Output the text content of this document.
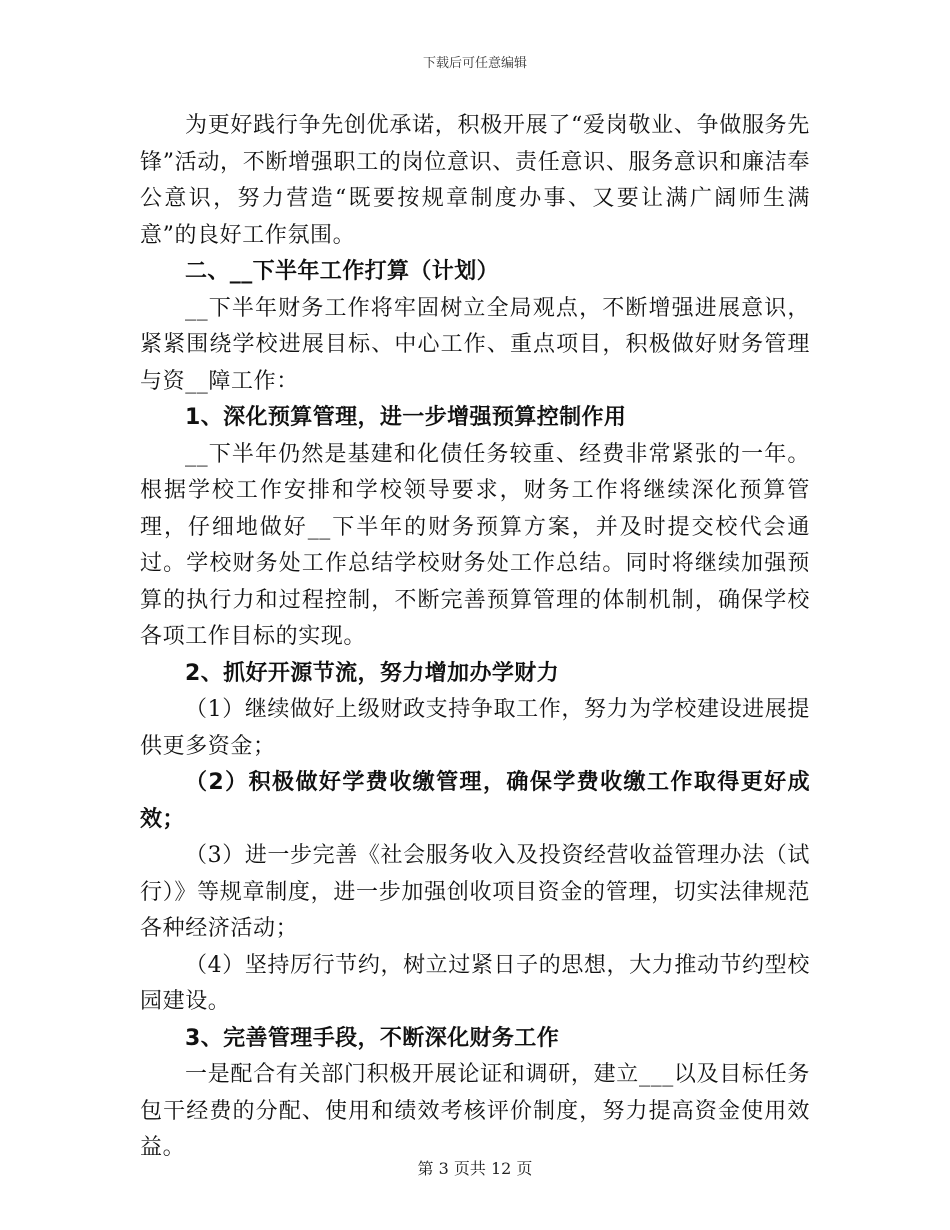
下载后可任意编辑

为更好践行争先创优承诺，积极开展了“爱岗敬业、争做服务先锋”活动，不断增强职工的岗位意识、责任意识、服务意识和廉洁奉公意识，努力营造“既要按规章制度办事、又要让满广阔师生满意”的良好工作氛围。

二、__下半年工作打算（计划）

__下半年财务工作将牢固树立全局观点，不断增强进展意识，紧紧围绕学校进展目标、中心工作、重点项目，积极做好财务管理与资__障工作：

1、深化预算管理，进一步增强预算控制作用

__下半年仍然是基建和化债任务较重、经费非常紧张的一年。根据学校工作安排和学校领导要求，财务工作将继续深化预算管理，仔细地做好__下半年的财务预算方案，并及时提交校代会通过。学校财务处工作总结学校财务处工作总结。同时将继续加强预算的执行力和过程控制，不断完善预算管理的体制机制，确保学校各项工作目标的实现。

2、抓好开源节流，努力增加办学财力

（1）继续做好上级财政支持争取工作，努力为学校建设进展提供更多资金；

（2）积极做好学费收缴管理，确保学费收缴工作取得更好成效；

（3）进一步完善《社会服务收入及投资经营收益管理办法（试行）》等规章制度，进一步加强创收项目资金的管理，切实法律规范各种经济活动；

（4）坚持厉行节约，树立过紧日子的思想，大力推动节约型校园建设。

3、完善管理手段，不断深化财务工作

一是配合有关部门积极开展论证和调研，建立___以及目标任务包干经费的分配、使用和绩效考核评价制度，努力提高资金使用效益。

第 3 页共 12 页
